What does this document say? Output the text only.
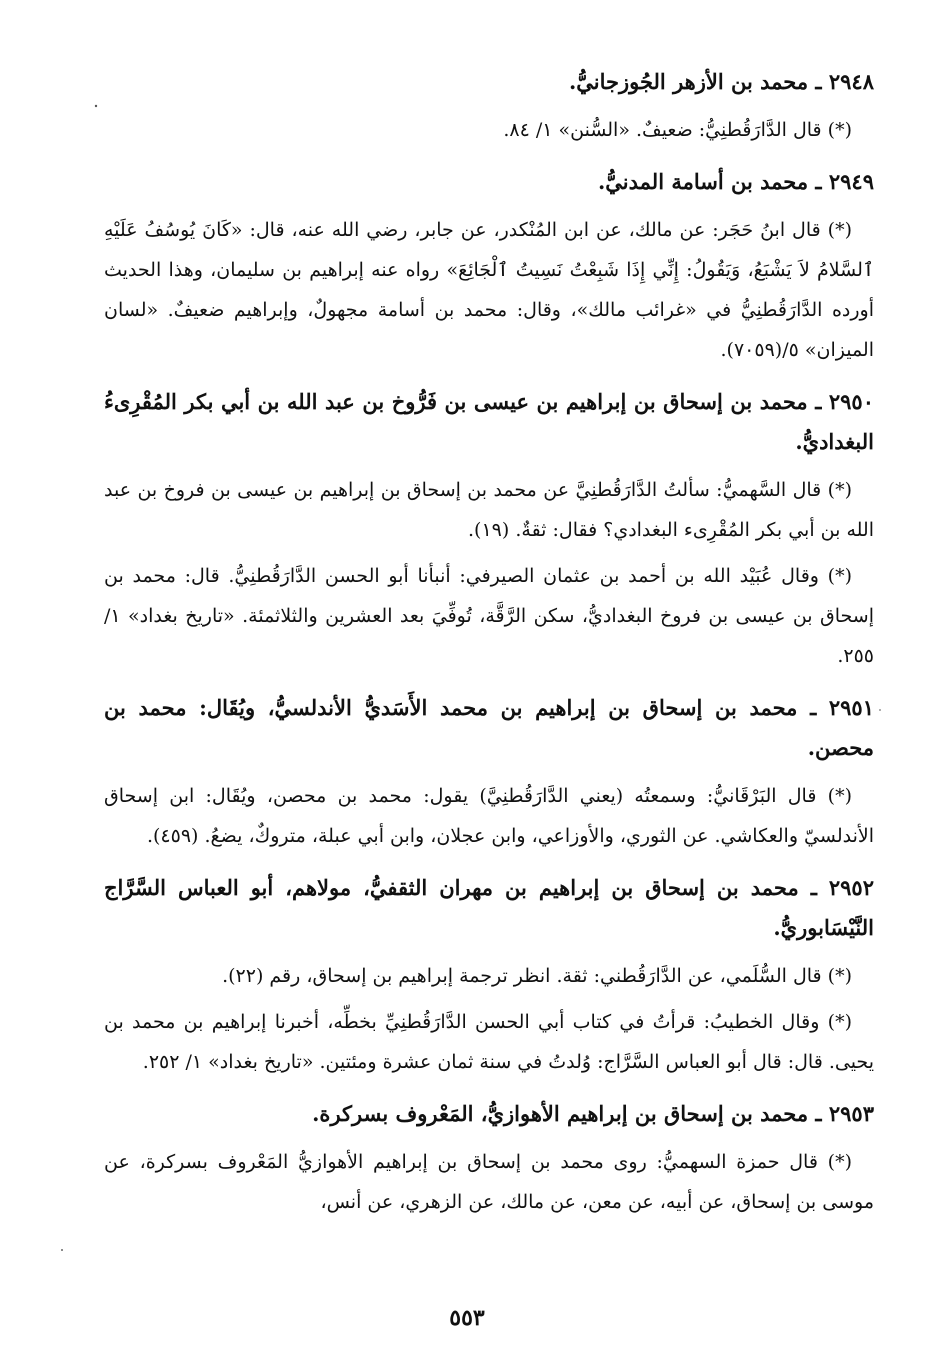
٢٩٤٨ ـ محمد بن الأزهر الجُوزجانيُّ.
(*) قال الدَّارَقُطنِيُّ: ضعيفٌ. «السُّنن» ١/ ٨٤.
٢٩٤٩ ـ محمد بن أسامة المدنيُّ.
(*) قال ابنُ حَجَر: عن مالك، عن ابن المُنْكدر، عن جابر، رضي الله عنه، قال: «كَانَ يُوسُفُ عَلَيْهِ ٱلسَّلامُ لاَ يَشْبَعُ، وَيَقُولُ: إِنِّي إِذَا شَبِعْتُ نَسِيتُ ٱلْجَائِعَ» رواه عنه إبراهيم بن سليمان، وهذا الحديث أورده الدَّارَقُطنِيُّ في «غرائب مالك»، وقال: محمد بن أسامة مجهولٌ، وإبراهيم ضعيفٌ. «لسان الميزان» ٥/(٧٠٥٩).
٢٩٥٠ ـ محمد بن إسحاق بن إبراهيم بن عيسى بن فَرُّوخ بن عبد الله بن أبي بكر المُقْرِىءُ البغداديُّ.
(*) قال السَّهميُّ: سألتُ الدَّارَقُطنِيَّ عن محمد بن إسحاق بن إبراهيم بن عيسى بن فروخ بن عبد الله بن أبي بكر المُقْرِىء البغدادي؟ فقال: ثقةٌ. (١٩).
(*) وقال عُبَيْد الله بن أحمد بن عثمان الصيرفي: أنبأنا أبو الحسن الدَّارَقُطنِيُّ. قال: محمد بن إسحاق بن عيسى بن فروخ البغداديُّ، سكن الرَّقَّة، تُوفِّيَ بعد العشرين والثلاثمئة. «تاريخ بغداد» ١/ ٢٥٥.
٢٩٥١ ـ محمد بن إسحاق بن إبراهيم بن محمد الأَسَديُّ الأندلسيُّ، ويُقَال: محمد بن محصن.
(*) قال البَرْقَانيُّ: وسمعتُه (يعني الدَّارَقُطنِيَّ) يقول: محمد بن محصن، ويُقَال: ابن إسحاق الأندلسيّ والعكاشي. عن الثوري، والأوزاعي، وابن عجلان، وابن أبي عبلة، متروكٌ، يضعُ. (٤٥٩).
٢٩٥٢ ـ محمد بن إسحاق بن إبراهيم بن مهران الثقفيُّ، مولاهم، أبو العباس السَّرَّاج النَّيْسَابوريُّ.
(*) قال السُّلَمي، عن الدَّارَقُطني: ثقة. انظر ترجمة إبراهيم بن إسحاق، رقم (٢٢).
(*) وقال الخطيبُ: قرأتُ في كتاب أبي الحسن الدَّارَقُطنِيِّ بخطِّه، أخبرنا إبراهيم بن محمد بن يحيى. قال: قال أبو العباس السَّرَّاج: وُلدتُ في سنة ثمان عشرة ومئتين. «تاريخ بغداد» ١/ ٢٥٢.
٢٩٥٣ ـ محمد بن إسحاق بن إبراهيم الأهوازيُّ، المَعْروف بسركرة.
(*) قال حمزة السهميُّ: روى محمد بن إسحاق بن إبراهيم الأهوازيُّ المَعْروف بسركرة، عن موسى بن إسحاق، عن أبيه، عن معن، عن مالك، عن الزهري، عن أنس،
٥٥٣
